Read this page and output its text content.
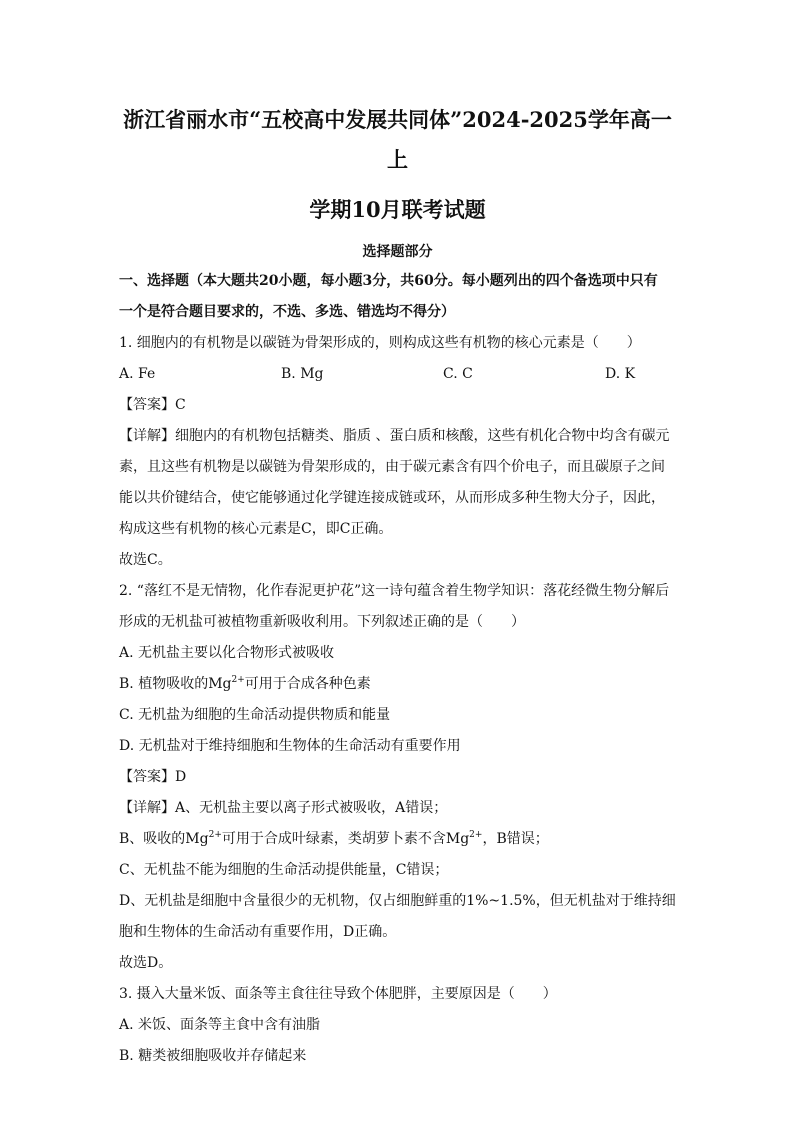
浙江省丽水市“五校高中发展共同体”2024-2025学年高一上
学期10月联考试题
选择题部分
一、选择题（本大题共20小题，每小题3分，共60分。每小题列出的四个备选项中只有
一个是符合题目要求的，不选、多选、错选均不得分）
1. 细胞内的有机物是以碳链为骨架形成的，则构成这些有机物的核心元素是（　　）
A. Fe	B. Mg	C. C	D. K
【答案】C
【详解】细胞内的有机物包括糖类、脂质 、蛋白质和核酸，这些有机化合物中均含有碳元
素，且这些有机物是以碳链为骨架形成的，由于碳元素含有四个价电子，而且碳原子之间
能以共价键结合，使它能够通过化学键连接成链或环，从而形成多种生物大分子，因此，
构成这些有机物的核心元素是C，即C正确。
故选C。
2. “落红不是无情物，化作春泥更护花”这一诗句蕴含着生物学知识：落花经微生物分解后
形成的无机盐可被植物重新吸收利用。下列叙述正确的是（　　）
A. 无机盐主要以化合物形式被吸收
B. 植物吸收的$Mg^{2+}$可用于合成各种色素
C. 无机盐为细胞的生命活动提供物质和能量
D. 无机盐对于维持细胞和生物体的生命活动有重要作用
【答案】D
【详解】A、无机盐主要以离子形式被吸收，A错误；
B、吸收的$Mg^{2+}$可用于合成叶绿素，类胡萝卜素不含$Mg^{2+}$，B错误；
C、无机盐不能为细胞的生命活动提供能量，C错误；
D、无机盐是细胞中含量很少的无机物，仅占细胞鲜重的1%~1.5%，但无机盐对于维持细
胞和生物体的生命活动有重要作用，D正确。
故选D。
3. 摄入大量米饭、面条等主食往往导致个体肥胖，主要原因是（　　）
A. 米饭、面条等主食中含有油脂
B. 糖类被细胞吸收并存储起来
